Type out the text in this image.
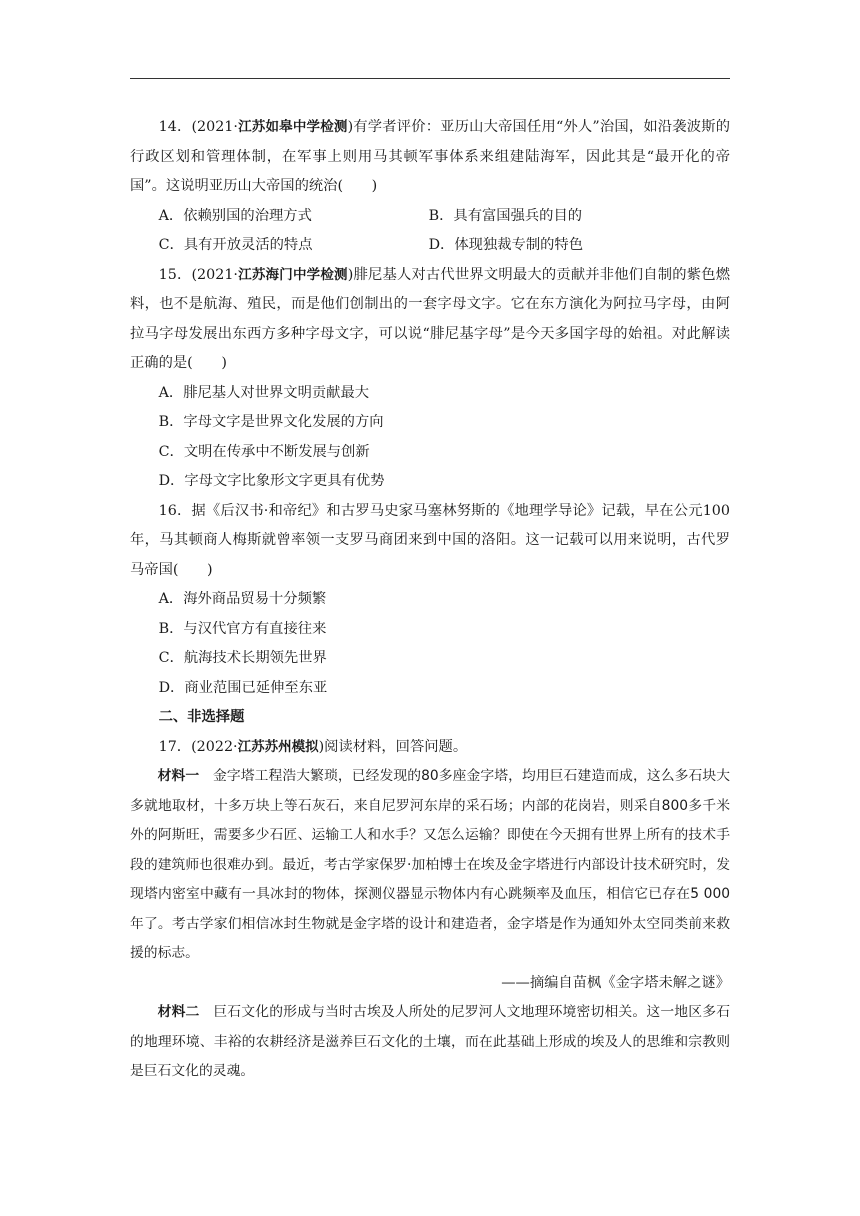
14．(2021·江苏如皋中学检测)有学者评价：亚历山大帝国任用“外人”治国，如沿袭波斯的行政区划和管理体制，在军事上则用马其顿军事体系来组建陆海军，因此其是“最开化的帝国”。这说明亚历山大帝国的统治(　　)

A．依赖别国的治理方式	B．具有富国强兵的目的
C．具有开放灵活的特点	D．体现独裁专制的特色

15．(2021·江苏海门中学检测)腓尼基人对古代世界文明最大的贡献并非他们自制的紫色燃料，也不是航海、殖民，而是他们创制出的一套字母文字。它在东方演化为阿拉马字母，由阿拉马字母发展出东西方多种字母文字，可以说“腓尼基字母”是今天多国字母的始祖。对此解读正确的是(　　)

A．腓尼基人对世界文明贡献最大

B．字母文字是世界文化发展的方向

C．文明在传承中不断发展与创新

D．字母文字比象形文字更具有优势

16．据《后汉书·和帝纪》和古罗马史家马塞林努斯的《地理学导论》记载，早在公元100年，马其顿商人梅斯就曾率领一支罗马商团来到中国的洛阳。这一记载可以用来说明，古代罗马帝国(　　)

A．海外商品贸易十分频繁

B．与汉代官方有直接往来

C．航海技术长期领先世界

D．商业范围已延伸至东亚

二、非选择题

17．(2022·江苏苏州模拟)阅读材料，回答问题。

材料一 金字塔工程浩大繁琐，已经发现的80多座金字塔，均用巨石建造而成，这么多石块大多就地取材，十多万块上等石灰石，来自尼罗河东岸的采石场；内部的花岗岩，则采自800多千米外的阿斯旺，需要多少石匠、运输工人和水手？又怎么运输？即使在今天拥有世界上所有的技术手段的建筑师也很难办到。最近，考古学家保罗·加柏博士在埃及金字塔进行内部设计技术研究时，发现塔内密室中藏有一具冰封的物体，探测仪器显示物体内有心跳频率及血压，相信它已存在5 000年了。考古学家们相信冰封生物就是金字塔的设计和建造者，金字塔是作为通知外太空同类前来救援的标志。

——摘编自苗枫《金字塔未解之谜》

材料二 巨石文化的形成与当时古埃及人所处的尼罗河人文地理环境密切相关。这一地区多石的地理环境、丰裕的农耕经济是滋养巨石文化的土壤，而在此基础上形成的埃及人的思维和宗教则是巨石文化的灵魂。
